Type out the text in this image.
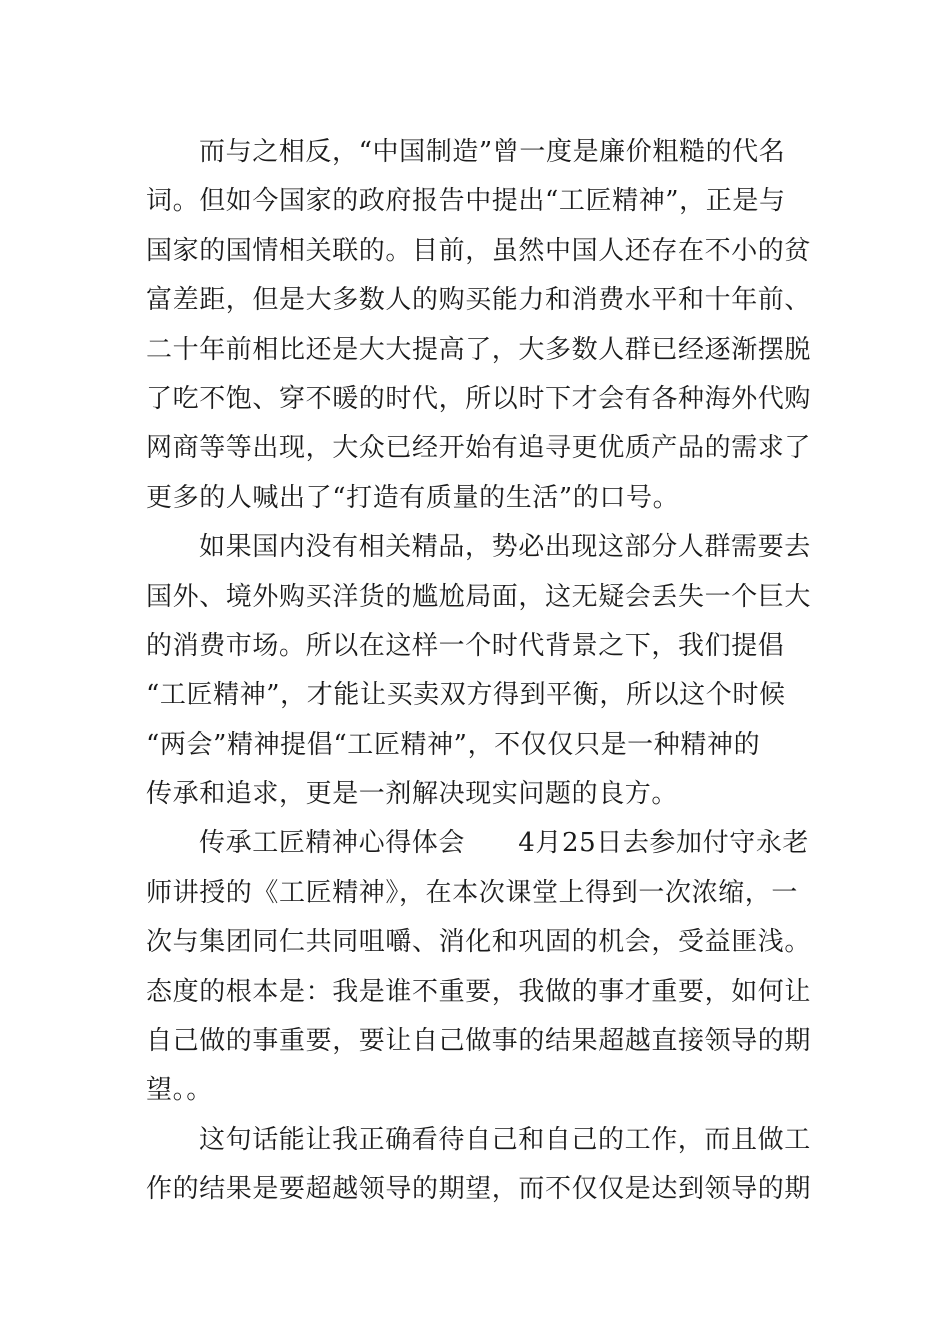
而与之相反，“中国制造”曾一度是廉价粗糙的代名
词。但如今国家的政府报告中提出“工匠精神”，正是与
国家的国情相关联的。目前，虽然中国人还存在不小的贫
富差距，但是大多数人的购买能力和消费水平和十年前、
二十年前相比还是大大提高了，大多数人群已经逐渐摆脱
了吃不饱、穿不暖的时代，所以时下才会有各种海外代购
网商等等出现，大众已经开始有追寻更优质产品的需求了
更多的人喊出了“打造有质量的生活”的口号。
如果国内没有相关精品，势必出现这部分人群需要去
国外、境外购买洋货的尴尬局面，这无疑会丢失一个巨大
的消费市场。所以在这样一个时代背景之下，我们提倡
“工匠精神”，才能让买卖双方得到平衡，所以这个时候
“两会”精神提倡“工匠精神”，不仅仅只是一种精神的
传承和追求，更是一剂解决现实问题的良方。
传承工匠精神心得体会　　4月25日去参加付守永老
师讲授的《工匠精神》，在本次课堂上得到一次浓缩，一
次与集团同仁共同咀嚼、消化和巩固的机会，受益匪浅。
态度的根本是：我是谁不重要，我做的事才重要，如何让
自己做的事重要，要让自己做事的结果超越直接领导的期
望。。
这句话能让我正确看待自己和自己的工作，而且做工
作的结果是要超越领导的期望，而不仅仅是达到领导的期
